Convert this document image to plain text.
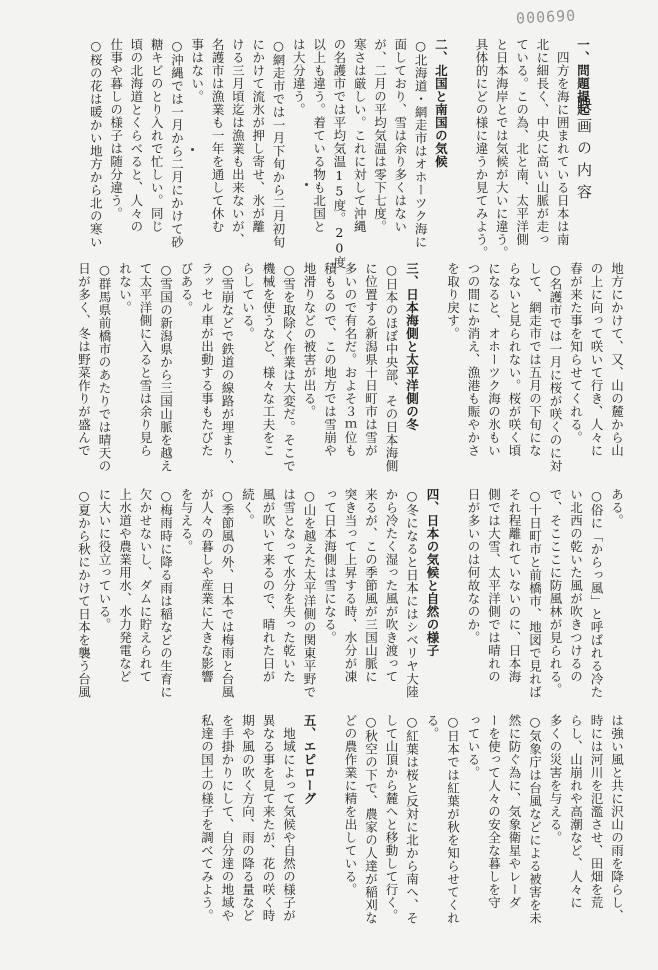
000690
映画の内容
一、問題提起
　四方を海に囲まれている日本は南
北に細長く、中央に高い山脈が走っ
ている。この為、北と南、太平洋側
と日本海岸とでは気候が大いに違う。
具体的にどの様に違うか見てみよう。
二、北国と南国の気候
○北海道・網走市はオホーツク海に
面しており、雪は余り多くはない
が、二月の平均気温は零下七度。
寒さは厳しい。これに対して沖縄
の名護市では平均気温15度。20度
以上も違う。着ている物も北国と
は大分違う。
○網走市では一月下旬から二月初旬
にかけて流氷が押し寄せ、氷が離
ける三月頃迄は漁業も出来ないが、
名護市は漁業も一年を通して休む
事はない。
○沖縄では一月から二月にかけて砂
糖キビのとり入れで忙しい。同じ
頃の北海道とくらべると、人々の
仕事や暮しの様子は随分違う。
○桜の花は暖かい地方から北の寒い
地方にかけて、又、山の麓から山
の上に向って咲いて行き、人々に
春が来た事を知らせてくれる。
○名護市では一月に桜が咲くのに対
して、網走市では五月の下旬にな
らないと見られない。桜が咲く頃
になると、オホーツク海の氷もい
つの間にか消え、漁港も賑やかさ
を取り戻す。
三、日本海側と太平洋側の冬
○日本のほぼ中央部、その日本海側
に位置する新潟県十日町市は雪が
多いので有名だ。およそ３ｍ位も
積もるので、この地方では雪崩や
地滑りなどの被害が出る。
○雪を取除く作業は大変だ。そこで
機械を使うなど、様々な工夫をこ
らしている。
○雪崩などで鉄道の線路が埋まり、
ラッセル車が出動する事もたびた
びある。
○雪国の新潟県から三国山脈を越え
て太平洋側に入ると雪は余り見ら
れない。
○群馬県前橋市のあたりでは晴天の
日が多く、冬は野菜作りが盛んで
ある。
○俗に「からっ風」と呼ばれる冷た
い北西の乾いた風が吹きつけるの
で、そこここに防風林が見られる。
○十日町市と前橋市、地図で見れば
それ程離れていないのに、日本海
側では大雪、太平洋側では晴れの
日が多いのは何故なのか。
四、日本の気候と自然の様子
○冬になると日本にはシベリヤ大陸
から冷たく湿った風が吹き渡って
来るが、この季節風が三国山脈に
突き当って上昇する時、水分が凍
って日本海側は雪になる。
○山を越えた太平洋側の関東平野で
は雪となって水分を失った乾いた
風が吹いて来るので、晴れた日が
続く。
○季節風の外、日本では梅雨と台風
が人々の暮しや産業に大きな影響
を与える。
○梅雨時に降る雨は稲などの生育に
欠かせないし、ダムに貯えられて
上水道や農業用水、水力発電など
に大いに役立っている。
○夏から秋にかけて日本を襲う台風
は強い風と共に沢山の雨を降らし、
時には河川を氾濫させ、田畑を荒
らし、山崩れや高潮など、人々に
多くの災害を与える。
○気象庁は台風などによる被害を未
然に防ぐ為に、気象衛星やレーダ
ーを使って人々の安全な暮しを守
っている。
○日本では紅葉が秋を知らせてくれ
る。
○紅葉は桜と反対に北から南へ、そ
して山頂から麓へと移動して行く。
○秋空の下で、農家の人達が稲刈な
どの農作業に精を出している。
五、エピローグ
　地域によって気候や自然の様子が
異なる事を見て来たが、花の咲く時
期や風の吹く方向、雨の降る量など
を手掛かりにして、自分達の地域や
私達の国土の様子を調べてみよう。
